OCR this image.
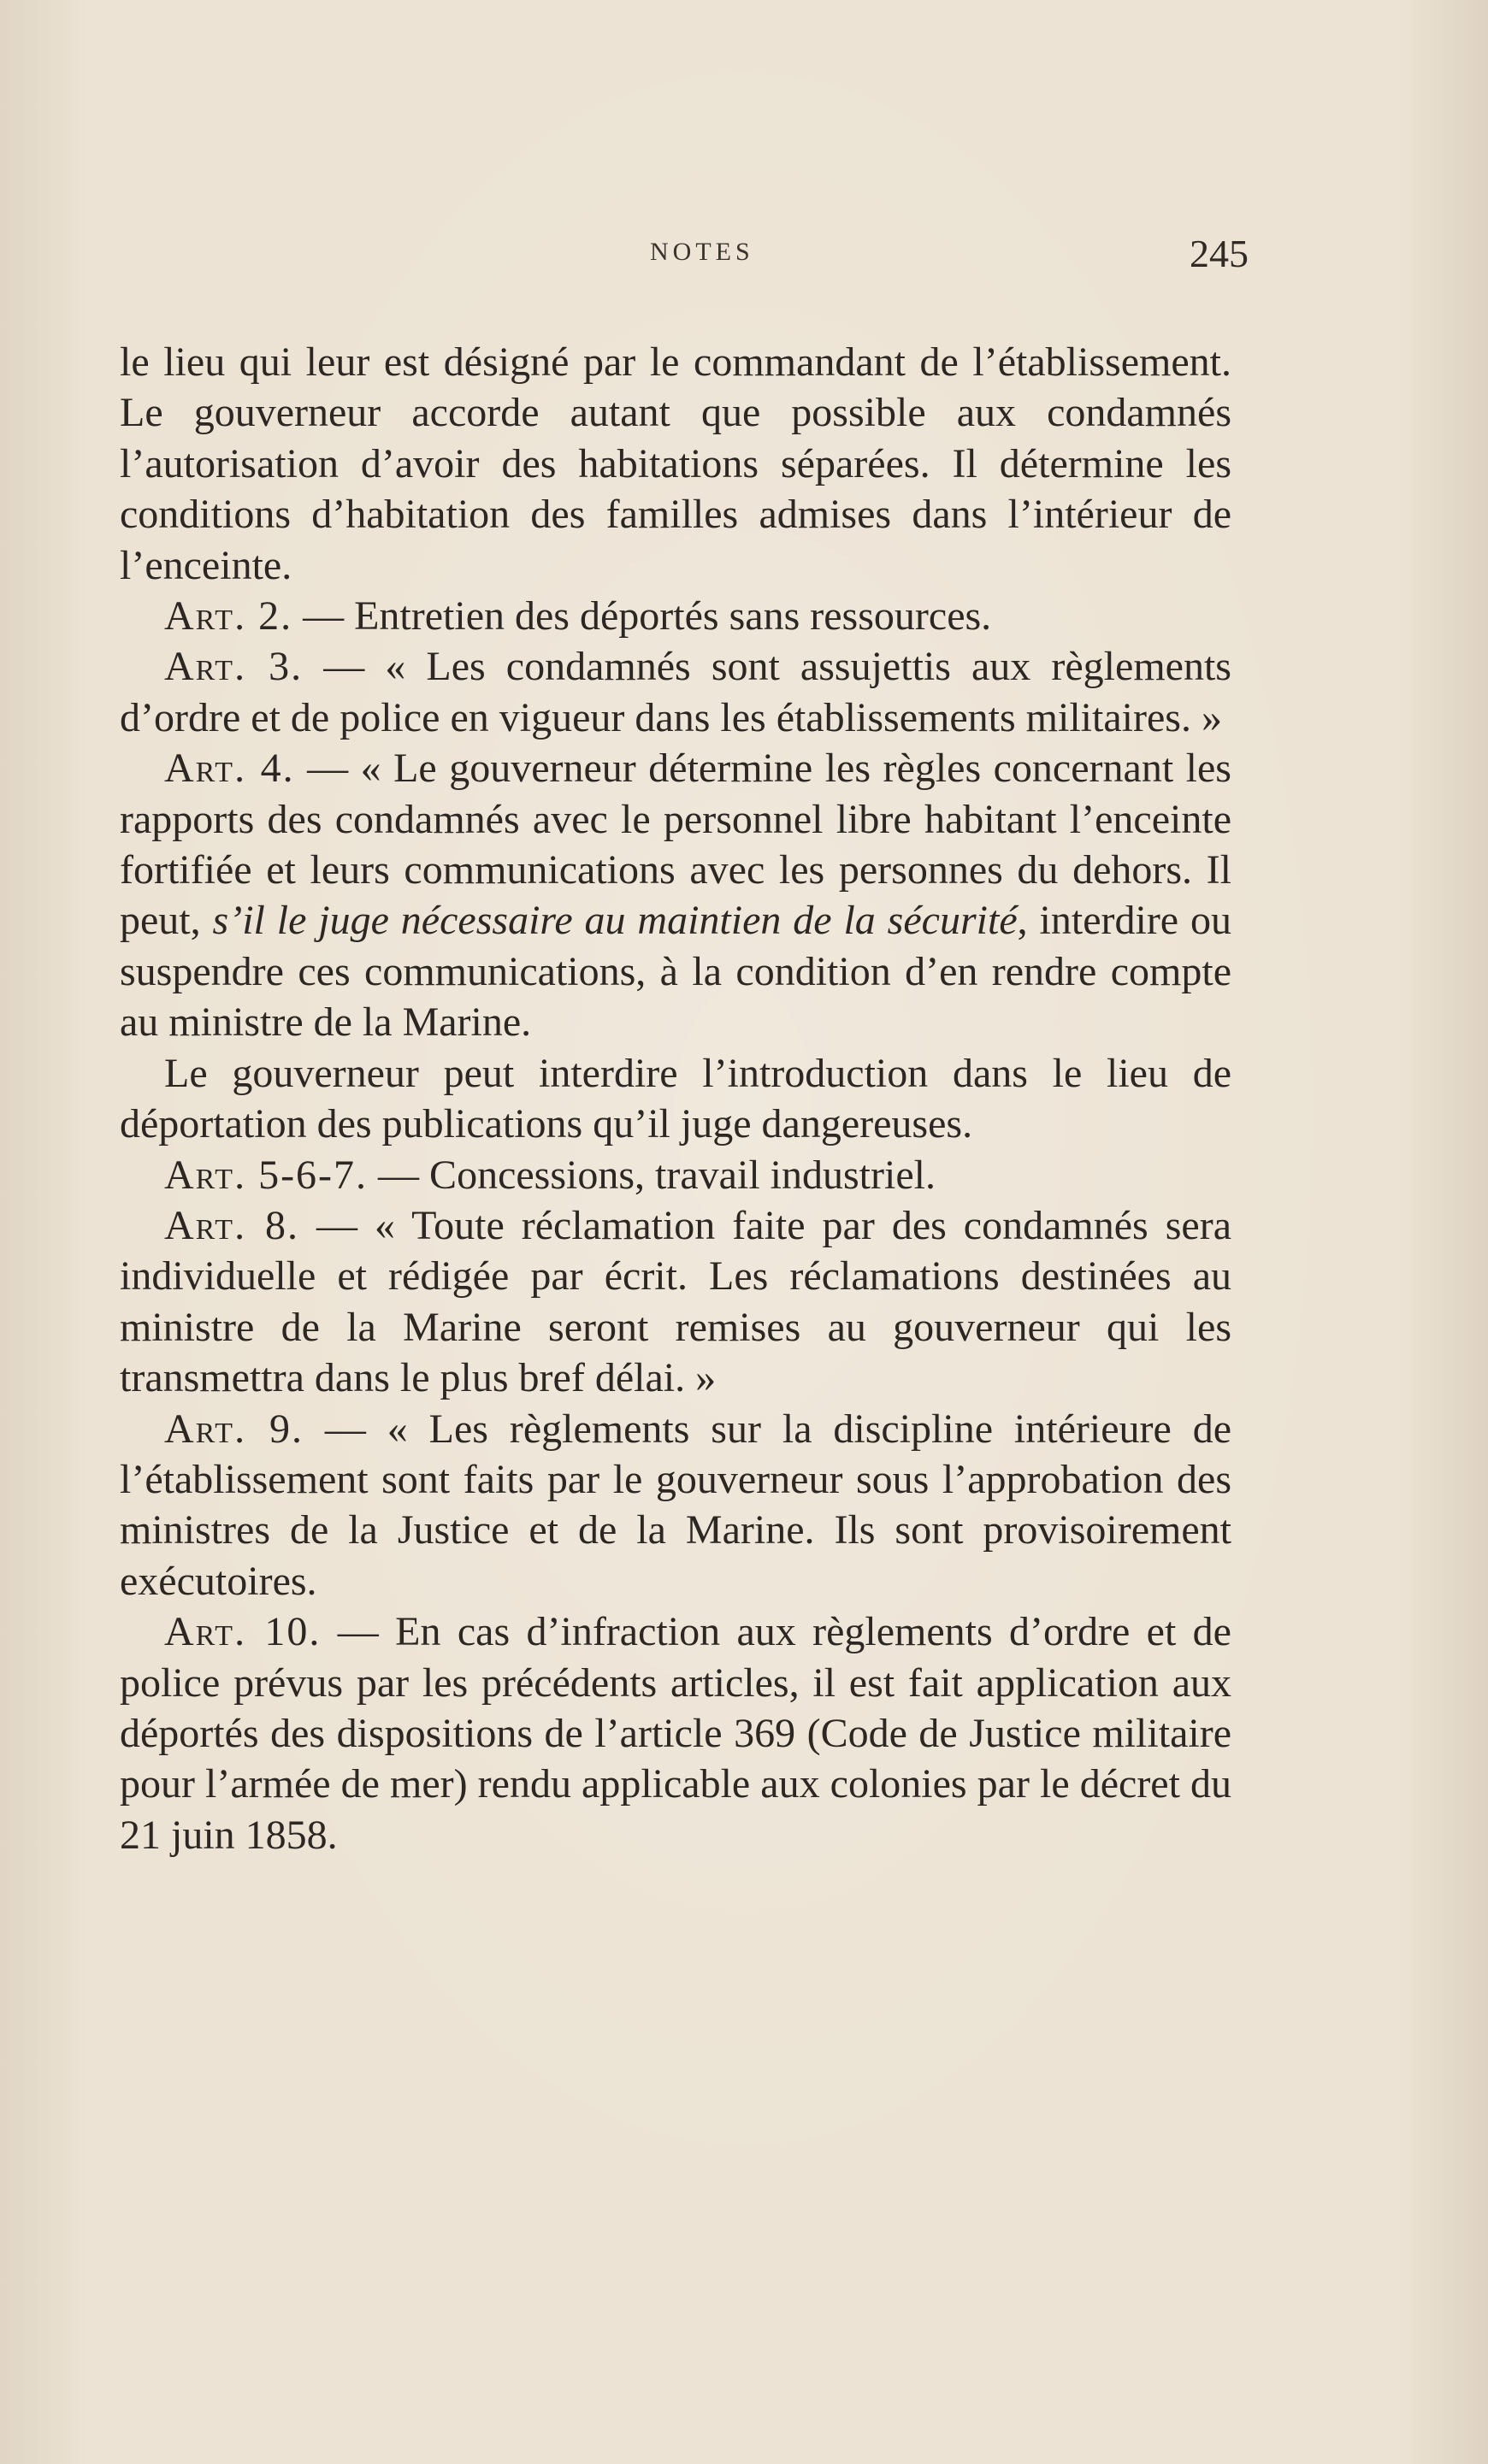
NOTES	245

le lieu qui leur est désigné par le commandant de l’établissement. Le gouverneur accorde autant que possible aux condamnés l’autorisation d’avoir des habitations séparées. Il détermine les conditions d’habitation des familles admises dans l’intérieur de l’enceinte.

Art. 2. — Entretien des déportés sans ressources.

Art. 3. — « Les condamnés sont assujettis aux règlements d’ordre et de police en vigueur dans les établissements militaires. »

Art. 4. — « Le gouverneur détermine les règles concernant les rapports des condamnés avec le personnel libre habitant l’enceinte fortifiée et leurs communications avec les personnes du dehors. Il peut, s’il le juge nécessaire au maintien de la sécurité, interdire ou suspendre ces communications, à la condition d’en rendre compte au ministre de la Marine.

Le gouverneur peut interdire l’introduction dans le lieu de déportation des publications qu’il juge dangereuses.

Art. 5-6-7. — Concessions, travail industriel.

Art. 8. — « Toute réclamation faite par des condamnés sera individuelle et rédigée par écrit. Les réclamations destinées au ministre de la Marine seront remises au gouverneur qui les transmettra dans le plus bref délai. »

Art. 9. — « Les règlements sur la discipline intérieure de l’établissement sont faits par le gouverneur sous l’approbation des ministres de la Justice et de la Marine. Ils sont provisoirement exécutoires.

Art. 10. — En cas d’infraction aux règlements d’ordre et de police prévus par les précédents articles, il est fait application aux déportés des dispositions de l’article 369 (Code de Justice militaire pour l’armée de mer) rendu applicable aux colonies par le décret du 21 juin 1858.
